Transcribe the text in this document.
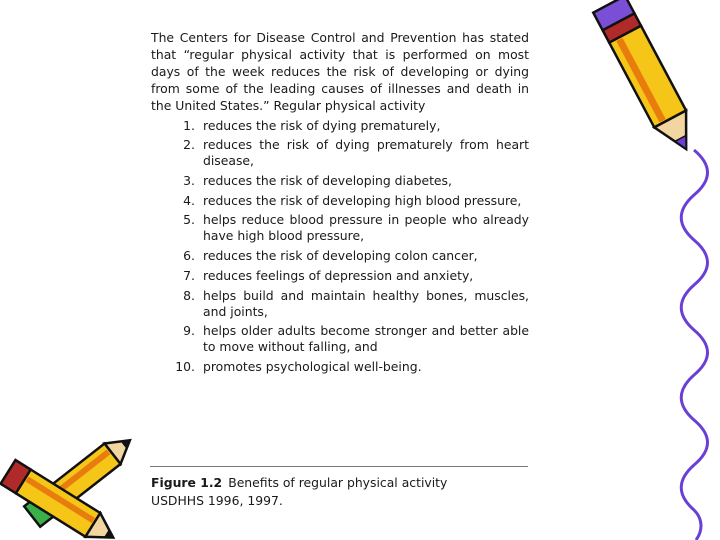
The Centers for Disease Control and Prevention has stated that “regular physical activity that is performed on most days of the week reduces the risk of developing or dying from some of the leading causes of illnesses and death in the United States.” Regular physical activity

1. reduces the risk of dying prematurely,
2. reduces the risk of dying prematurely from heart disease,
3. reduces the risk of developing diabetes,
4. reduces the risk of developing high blood pressure,
5. helps reduce blood pressure in people who already have high blood pressure,
6. reduces the risk of developing colon cancer,
7. reduces feelings of depression and anxiety,
8. helps build and maintain healthy bones, muscles, and joints,
9. helps older adults become stronger and better able to move without falling, and
10. promotes psychological well-being.
Figure 1.2 Benefits of regular physical activity
USDHHS 1996, 1997.
